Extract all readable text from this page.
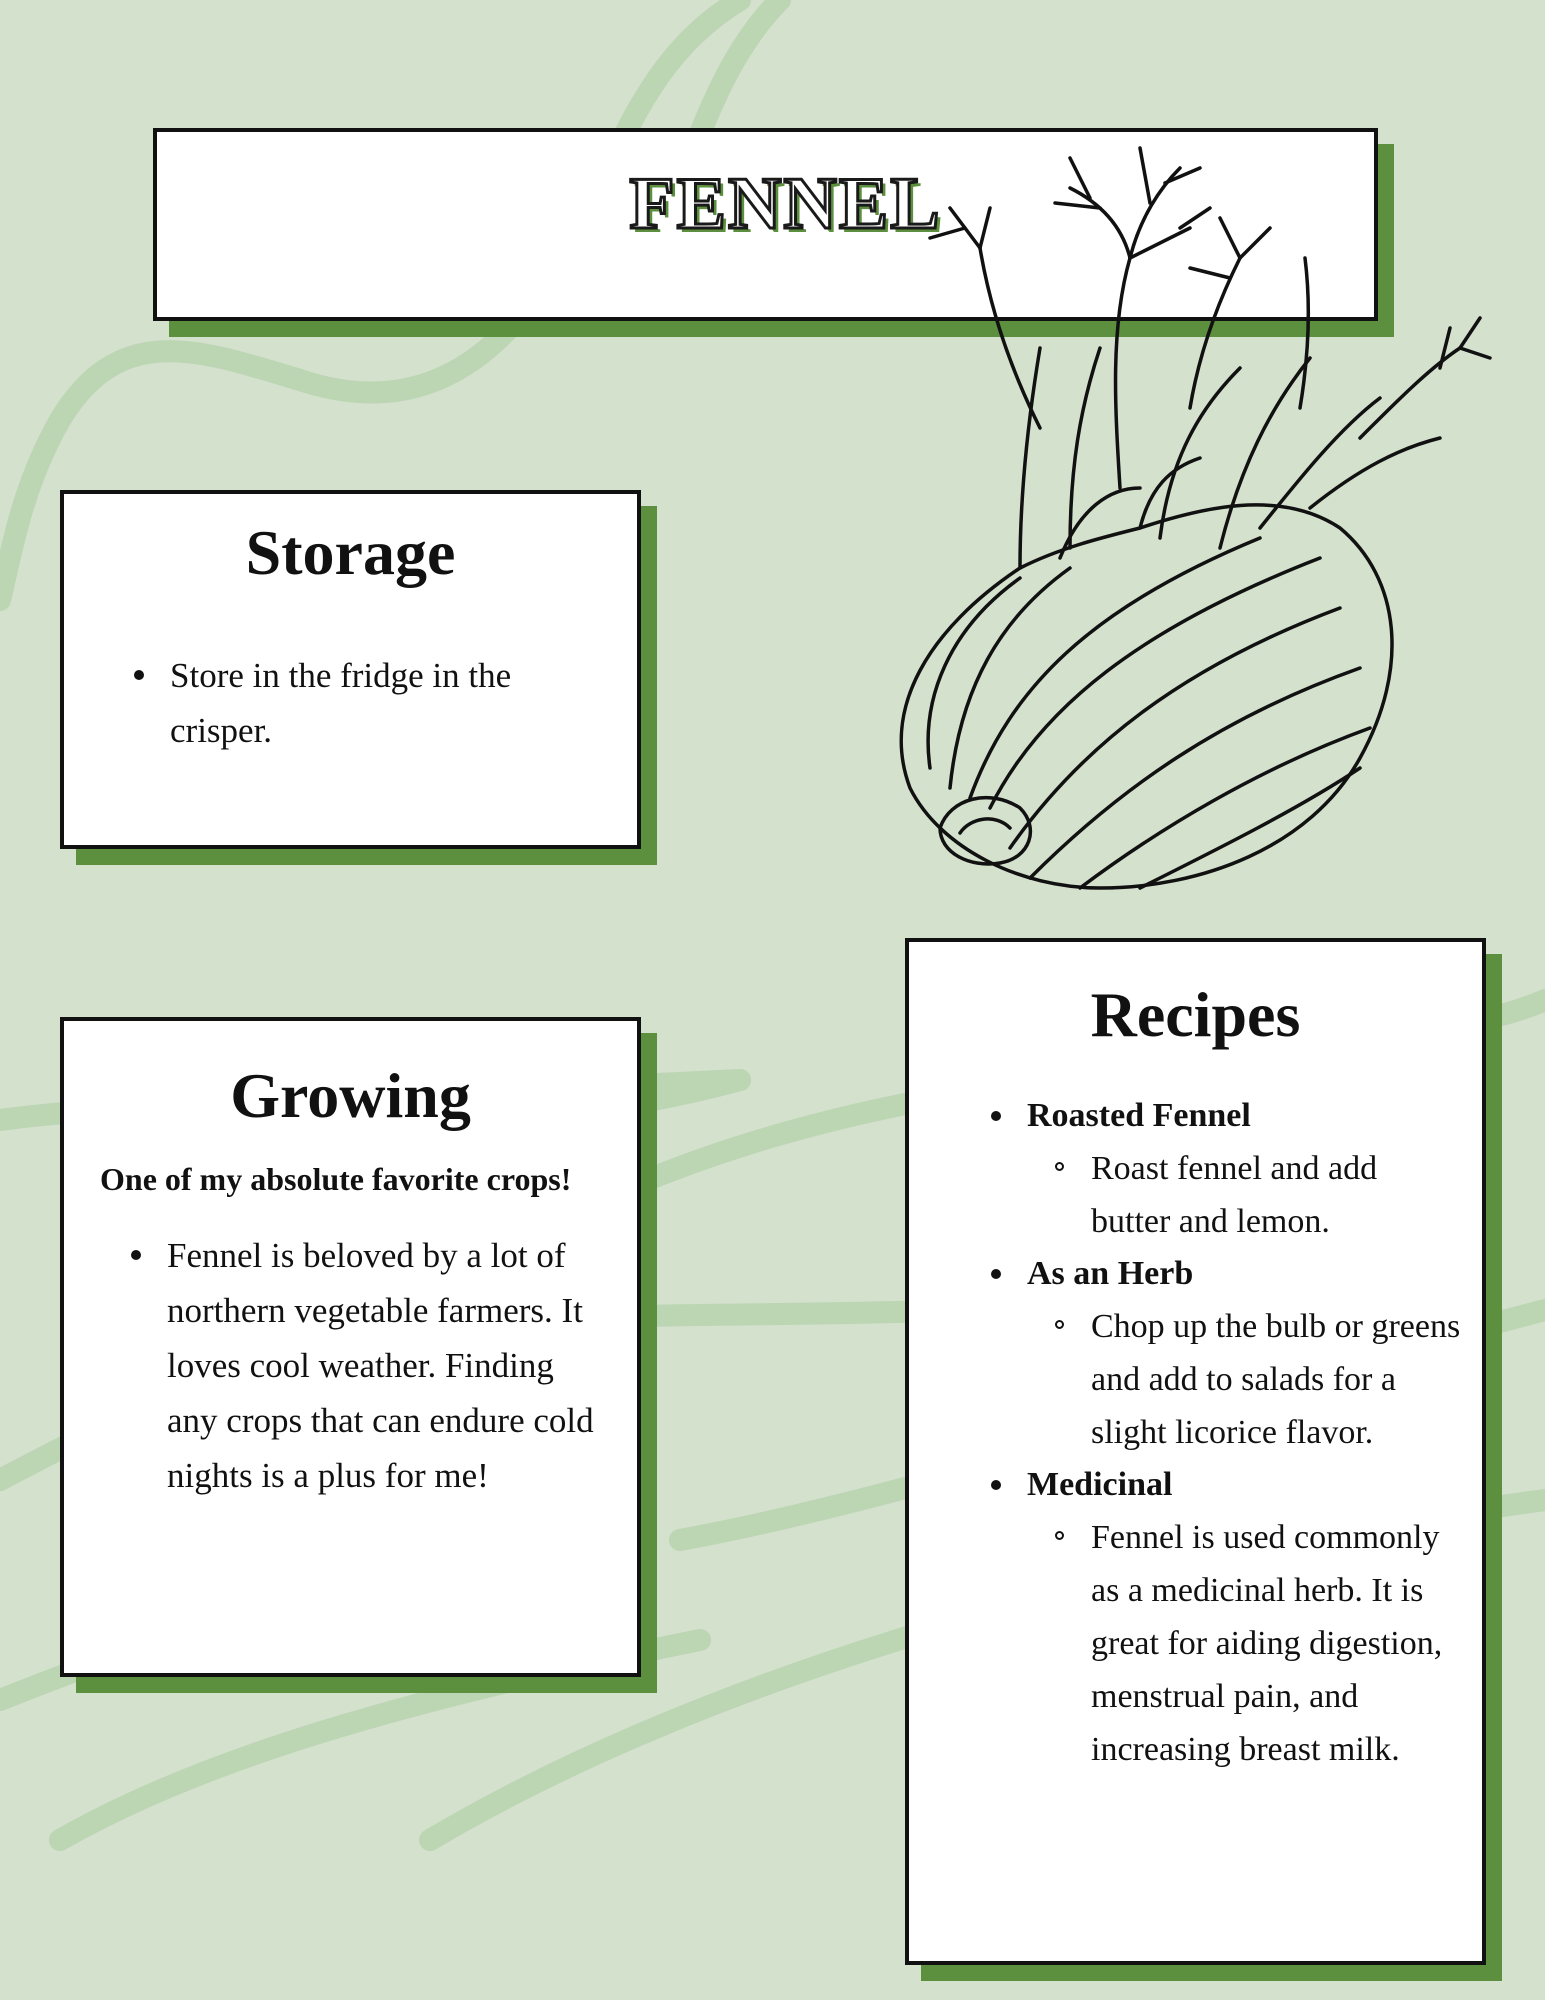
FENNEL
Storage
Store in the fridge in the crisper.
Growing
One of my absolute favorite crops!
Fennel is beloved by a lot of northern vegetable farmers. It loves cool weather. Finding any crops that can endure cold nights is a plus for me!
Recipes
Roasted Fennel
Roast fennel and add butter and lemon.
As an Herb
Chop up the bulb or greens and add to salads for a slight licorice flavor.
Medicinal
Fennel is used commonly as a medicinal herb. It is great for aiding digestion, menstrual pain, and increasing breast milk.
